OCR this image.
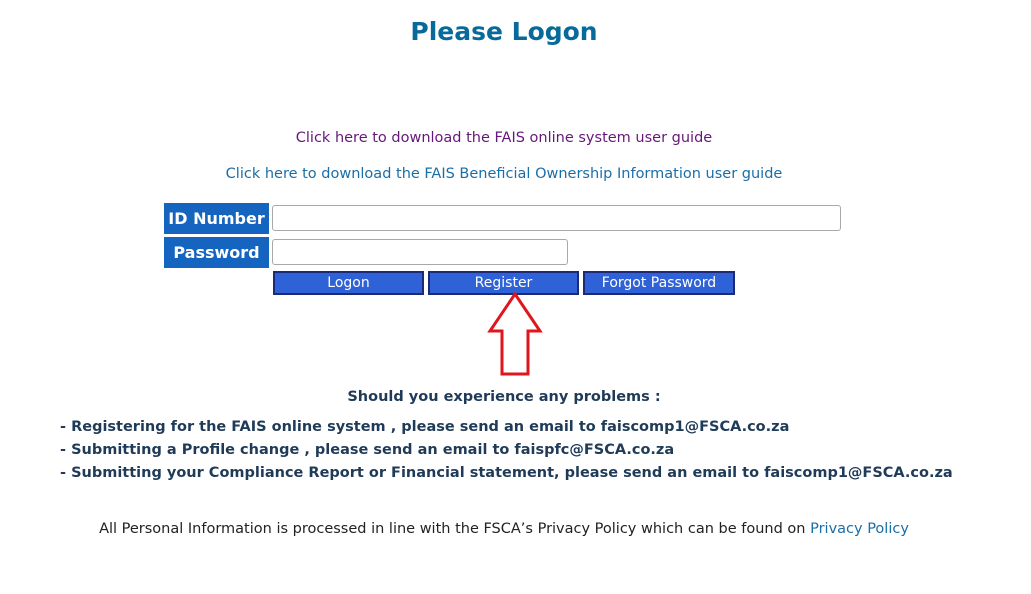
Please Logon
Click here to download the FAIS online system user guide
Click here to download the FAIS Beneficial Ownership Information user guide
ID Number
Password
Logon	Register	Forgot Password
Should you experience any problems :
- Registering for the FAIS online system , please send an email to faiscomp1@FSCA.co.za
- Submitting a Profile change , please send an email to faispfc@FSCA.co.za
- Submitting your Compliance Report or Financial statement, please send an email to faiscomp1@FSCA.co.za
All Personal Information is processed in line with the FSCA’s Privacy Policy which can be found on Privacy Policy
